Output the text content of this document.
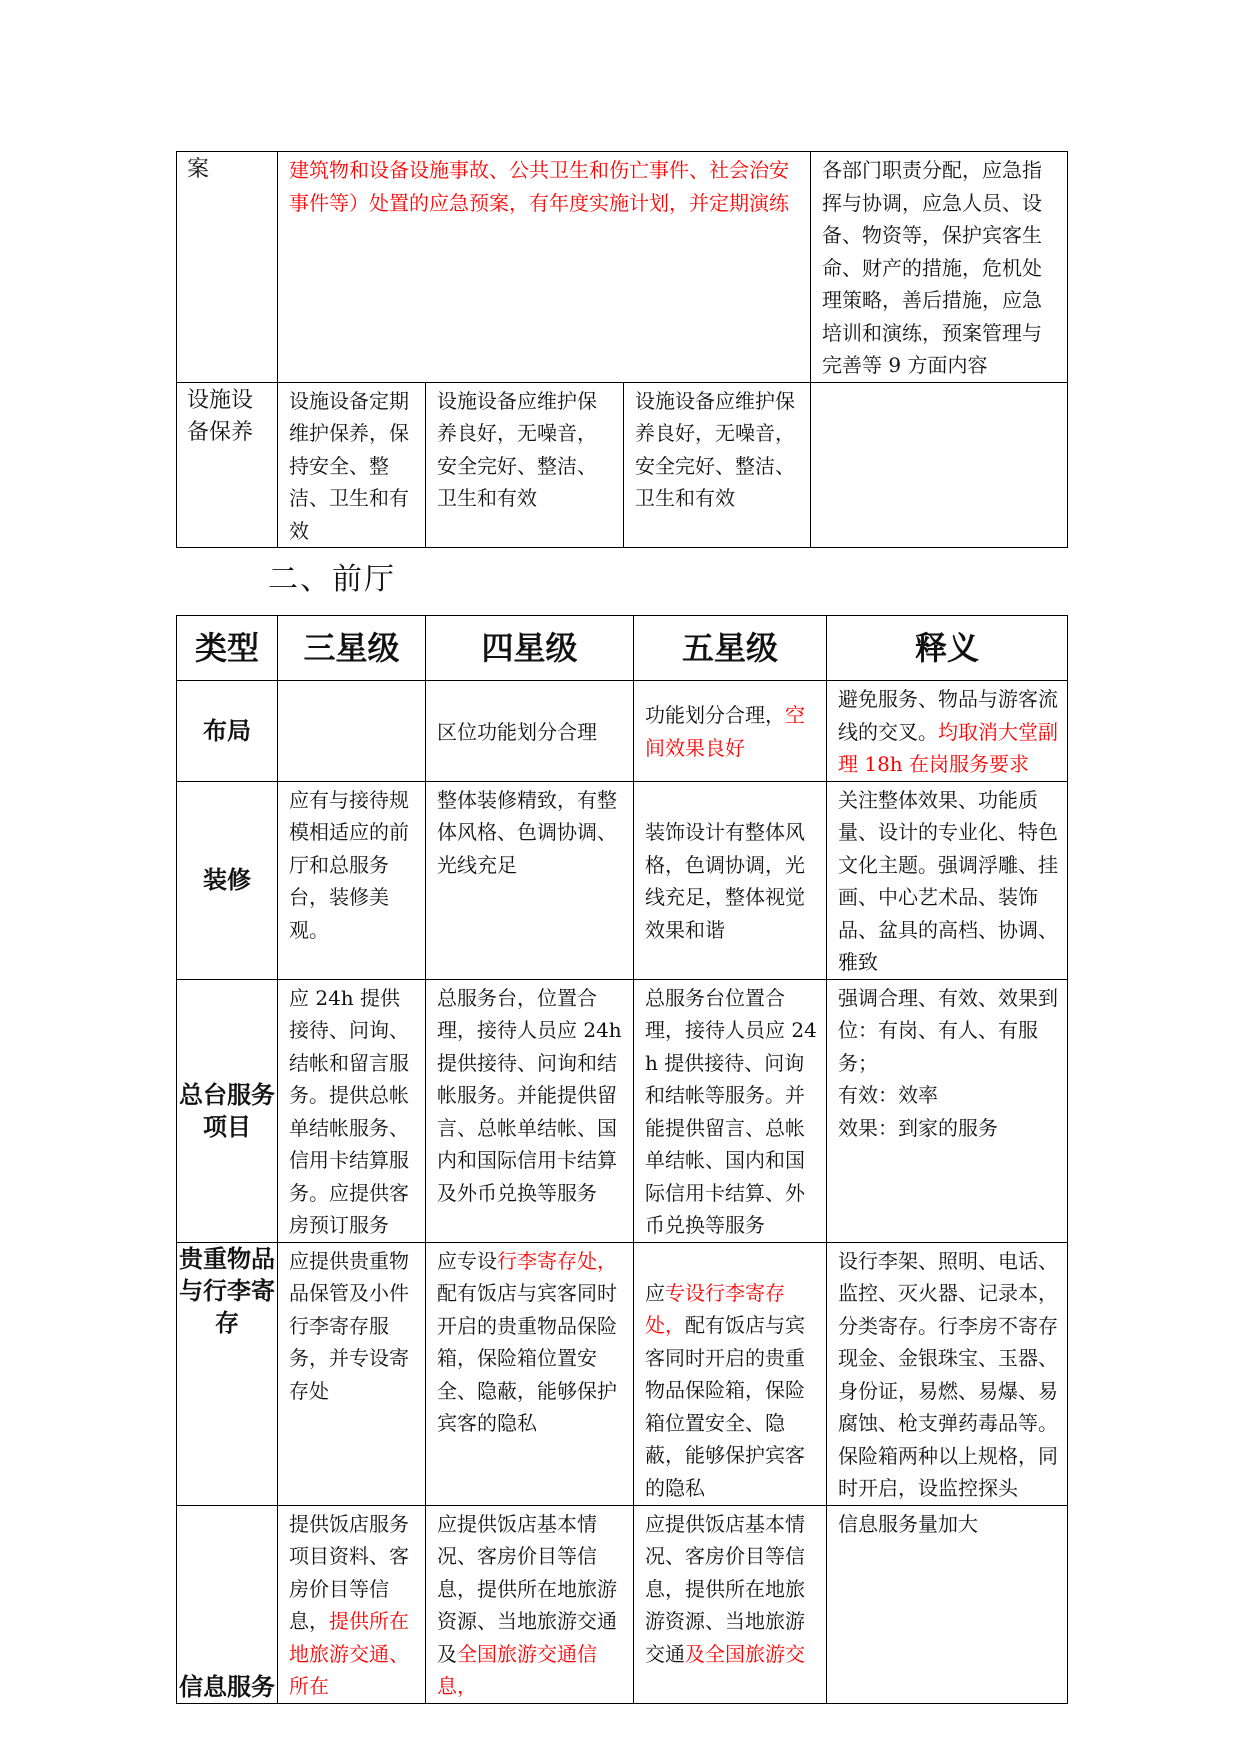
案	建筑物和设备设施事故、公共卫生和伤亡事件、社会治安事件等）处置的应急预案，有年度实施计划，并定期演练			各部门职责分配，应急指挥与协调，应急人员、设备、物资等，保护宾客生命、财产的措施，危机处理策略，善后措施，应急培训和演练，预案管理与完善等 9 方面内容
设施设备保养	设施设备定期维护保养，保持安全、整洁、卫生和有效	设施设备应维护保养良好，无噪音，安全完好、整洁、卫生和有效	设施设备应维护保养良好，无噪音，安全完好、整洁、卫生和有效	
二、前厅
类型	三星级	四星级	五星级	释义
布局		区位功能划分合理	功能划分合理，空间效果良好	避免服务、物品与游客流线的交叉。均取消大堂副理 18h 在岗服务要求
装修	应有与接待规模相适应的前厅和总服务台，装修美观。	整体装修精致，有整体风格、色调协调、光线充足	装饰设计有整体风格，色调协调，光线充足，整体视觉效果和谐	关注整体效果、功能质量、设计的专业化、特色文化主题。强调浮雕、挂画、中心艺术品、装饰品、盆具的高档、协调、雅致
总台服务项目	应 24h 提供接待、问询、结帐和留言服务。提供总帐单结帐服务、信用卡结算服务。应提供客房预订服务	总服务台，位置合理，接待人员应 24h 提供接待、问询和结帐服务。并能提供留言、总帐单结帐、国内和国际信用卡结算及外币兑换等服务	总服务台位置合理，接待人员应 24h 提供接待、问询和结帐等服务。并能提供留言、总帐单结帐、国内和国际信用卡结算、外币兑换等服务	强调合理、有效、效果到位：有岗、有人、有服务；
有效：效率
效果：到家的服务
贵重物品与行李寄存	应提供贵重物品保管及小件行李寄存服务，并专设寄存处	应专设行李寄存处，配有饭店与宾客同时开启的贵重物品保险箱，保险箱位置安全、隐蔽，能够保护宾客的隐私	应专设行李寄存处，配有饭店与宾客同时开启的贵重物品保险箱，保险箱位置安全、隐蔽，能够保护宾客的隐私	设行李架、照明、电话、监控、灭火器、记录本，分类寄存。行李房不寄存现金、金银珠宝、玉器、身份证，易燃、易爆、易腐蚀、枪支弹药毒品等。保险箱两种以上规格，同时开启，设监控探头
信息服务	提供饭店服务项目资料、客房价目等信息，提供所在地旅游交通、所在	应提供饭店基本情况、客房价目等信息，提供所在地旅游资源、当地旅游交通及全国旅游交通信息，	应提供饭店基本情况、客房价目等信息，提供所在地旅游资源、当地旅游交通及全国旅游交	信息服务量加大
